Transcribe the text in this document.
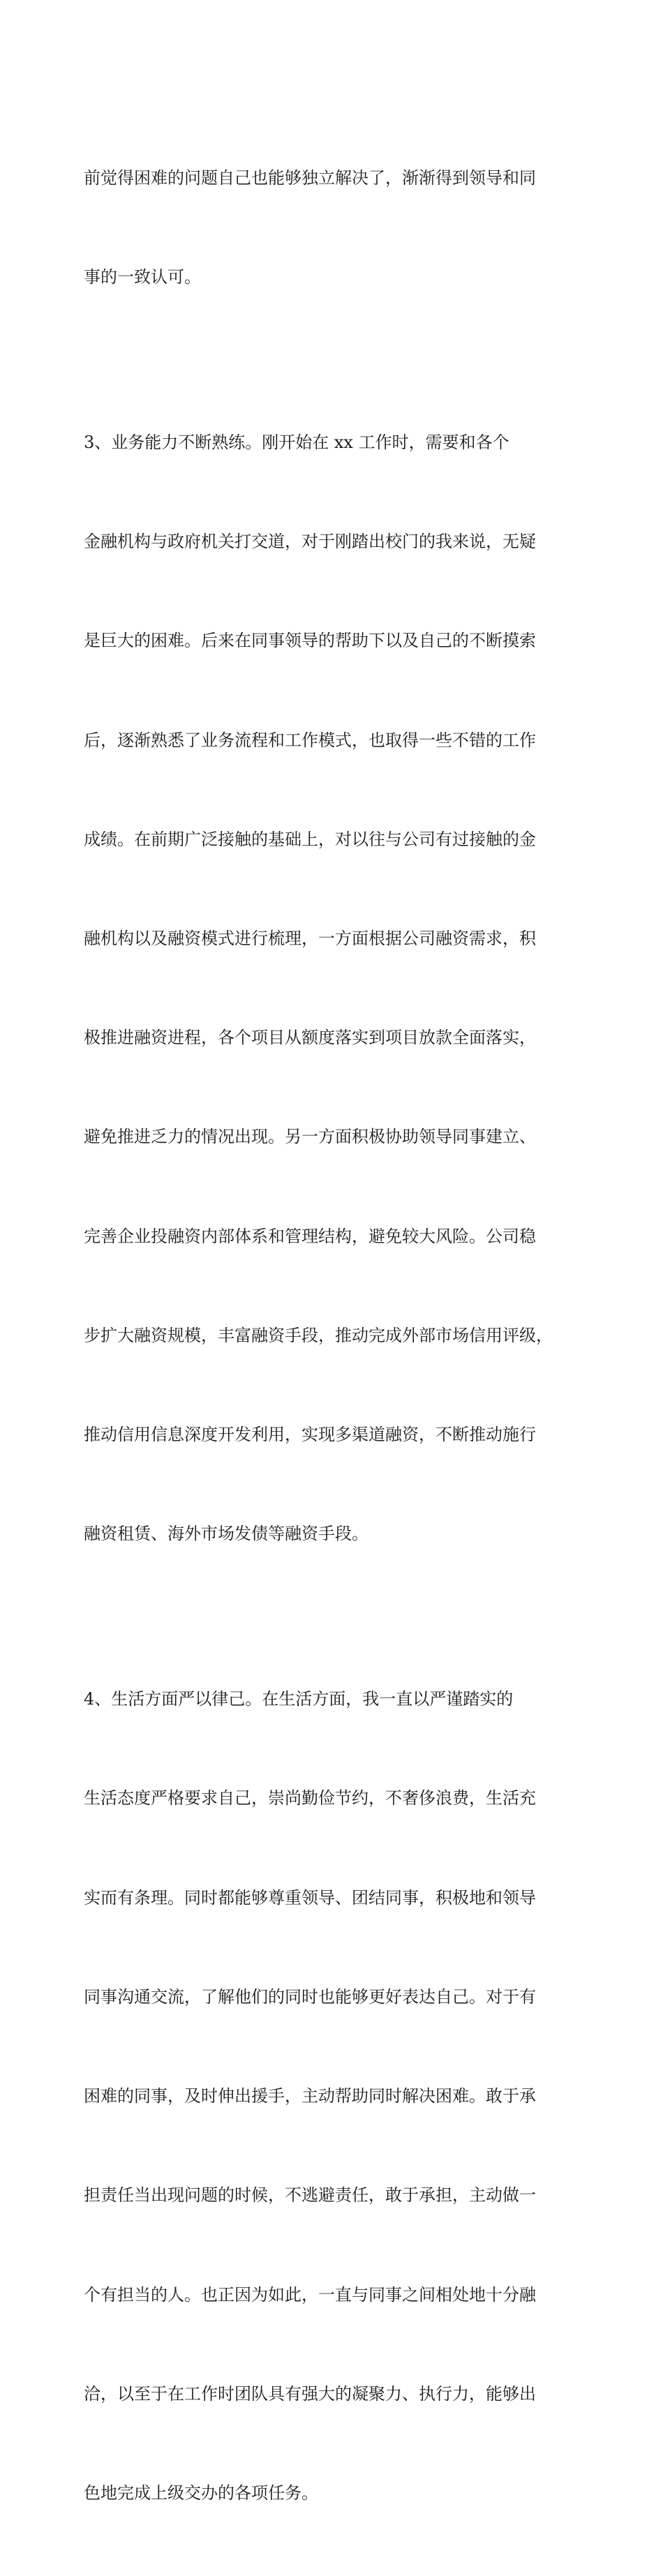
前觉得困难的问题自己也能够独立解决了，渐渐得到领导和同

事的一致认可。

3、业务能力不断熟练。刚开始在 xx 工作时，需要和各个

金融机构与政府机关打交道，对于刚踏出校门的我来说，无疑

是巨大的困难。后来在同事领导的帮助下以及自己的不断摸索

后，逐渐熟悉了业务流程和工作模式，也取得一些不错的工作

成绩。在前期广泛接触的基础上，对以往与公司有过接触的金

融机构以及融资模式进行梳理，一方面根据公司融资需求，积

极推进融资进程，各个项目从额度落实到项目放款全面落实，

避免推进乏力的情况出现。另一方面积极协助领导同事建立、

完善企业投融资内部体系和管理结构，避免较大风险。公司稳

步扩大融资规模，丰富融资手段，推动完成外部市场信用评级，

推动信用信息深度开发利用，实现多渠道融资，不断推动施行

融资租赁、海外市场发债等融资手段。

4、生活方面严以律己。在生活方面，我一直以严谨踏实的

生活态度严格要求自己，崇尚勤俭节约，不奢侈浪费，生活充

实而有条理。同时都能够尊重领导、团结同事，积极地和领导

同事沟通交流，了解他们的同时也能够更好表达自己。对于有

困难的同事，及时伸出援手，主动帮助同时解决困难。敢于承

担责任当出现问题的时候，不逃避责任，敢于承担，主动做一

个有担当的人。也正因为如此，一直与同事之间相处地十分融

洽，以至于在工作时团队具有强大的凝聚力、执行力，能够出

色地完成上级交办的各项任务。
